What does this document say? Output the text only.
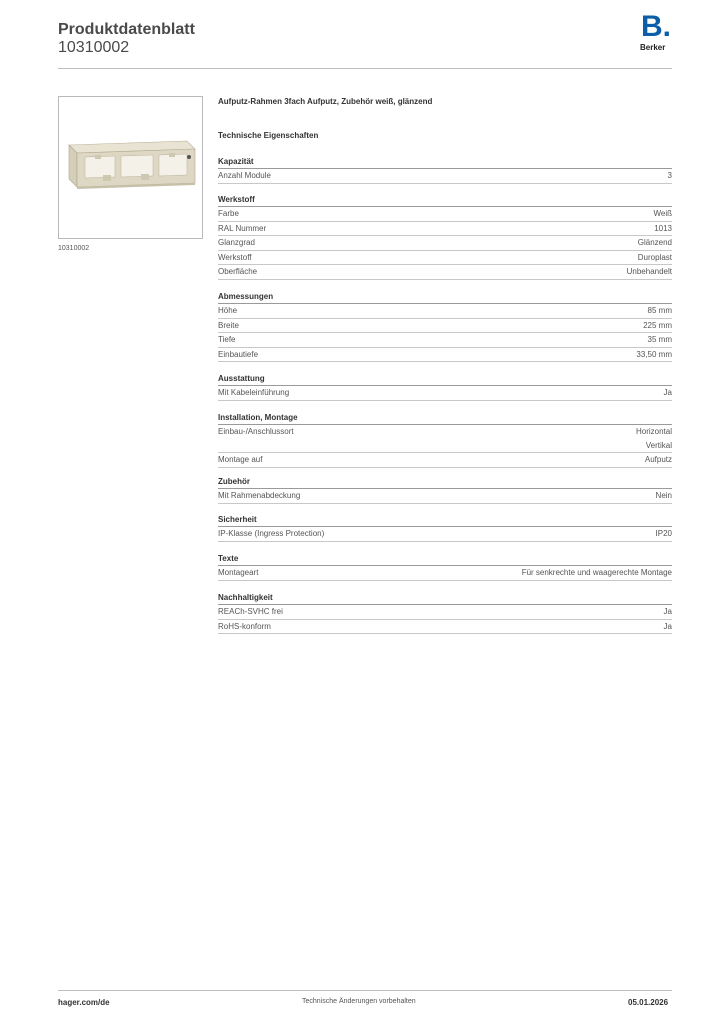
Produktdatenblatt
10310002
B.
Berker
10310002
Aufputz-Rahmen 3fach Aufputz, Zubehör weiß, glänzend
Technische Eigenschaften
Kapazität
Anzahl Module	3
Werkstoff
Farbe	Weiß
RAL Nummer	1013
Glanzgrad	Glänzend
Werkstoff	Duroplast
Oberfläche	Unbehandelt
Abmessungen
Höhe	85 mm
Breite	225 mm
Tiefe	35 mm
Einbautiefe	33,50 mm
Ausstattung
Mit Kabeleinführung	Ja
Installation, Montage
Einbau-/Anschlussort	Horizontal
Vertikal
Montage auf	Aufputz
Zubehör
Mit Rahmenabdeckung	Nein
Sicherheit
IP-Klasse (Ingress Protection)	IP20
Texte
Montageart	Für senkrechte und waagerechte Montage
Nachhaltigkeit
REACh-SVHC frei	Ja
RoHS-konform	Ja
hager.com/de	Technische Änderungen vorbehalten	05.01.2026
